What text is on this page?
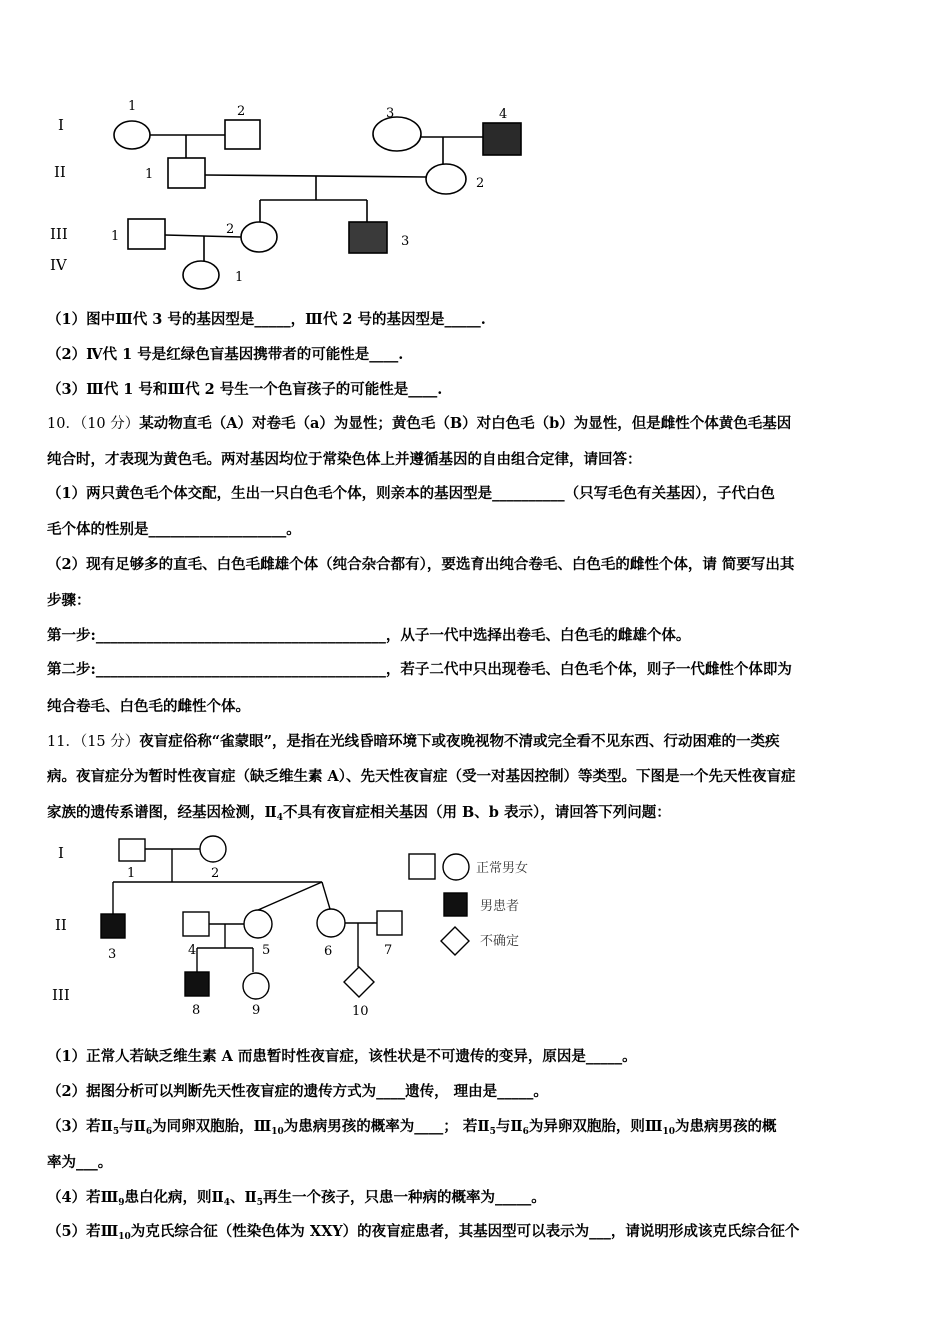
I
II
III
IV
1	2	3	4
1
2
1	2
3
1
（1）图中Ⅲ代 3 号的基因型是_____，Ⅲ代 2 号的基因型是_____.
（2）Ⅳ代 1 号是红绿色盲基因携带者的可能性是____.
（3）Ⅲ代 1 号和Ⅲ代 2 号生一个色盲孩子的可能性是____.
10．（10 分）某动物直毛（A）对卷毛（a）为显性；黄色毛（B）对白色毛（b）为显性，但是雌性个体黄色毛基因
纯合时，才表现为黄色毛。两对基因均位于常染色体上并遵循基因的自由组合定律，请回答：
（1）两只黄色毛个体交配，生出一只白色毛个体，则亲本的基因型是__________（只写毛色有关基因），子代白色
毛个体的性别是___________________。
（2）现有足够多的直毛、白色毛雌雄个体（纯合杂合都有），要选育出纯合卷毛、白色毛的雌性个体，请 简要写出其
步骤：
第一步:________________________________________，从子一代中选择出卷毛、白色毛的雌雄个体。
第二步:________________________________________，若子二代中只出现卷毛、白色毛个体，则子一代雌性个体即为
纯合卷毛、白色毛的雌性个体。
11．（15 分）夜盲症俗称“雀蒙眼”，是指在光线昏暗环境下或夜晚视物不清或完全看不见东西、行动困难的一类疾
病。夜盲症分为暂时性夜盲症（缺乏维生素 A）、先天性夜盲症（受一对基因控制）等类型。下图是一个先天性夜盲症
家族的遗传系谱图，经基因检测，$Ⅱ_4$不具有夜盲症相关基因（用 B、b 表示），请回答下列问题：
I
II
III
1	2
3	4	5	6	7
8	9	10
正常男女
男患者
不确定
（1）正常人若缺乏维生素 A 而患暂时性夜盲症，该性状是不可遗传的变异，原因是_____。
（2）据图分析可以判断先天性夜盲症的遗传方式为____遗传， 理由是_____。
（3）若$Ⅱ_5$与$Ⅱ_6$为同卵双胞胎，$Ⅲ_{10}$为患病男孩的概率为____； 若$Ⅱ_5$与$Ⅱ_6$为异卵双胞胎，则$Ⅲ_{10}$为患病男孩的概
率为___。
（4）若$Ⅲ_9$患白化病，则$Ⅱ_4$、$Ⅱ_5$再生一个孩子，只患一种病的概率为_____。
（5）若$Ⅲ_{10}$为克氏综合征（性染色体为 XXY）的夜盲症患者，其基因型可以表示为___，请说明形成该克氏综合征个
